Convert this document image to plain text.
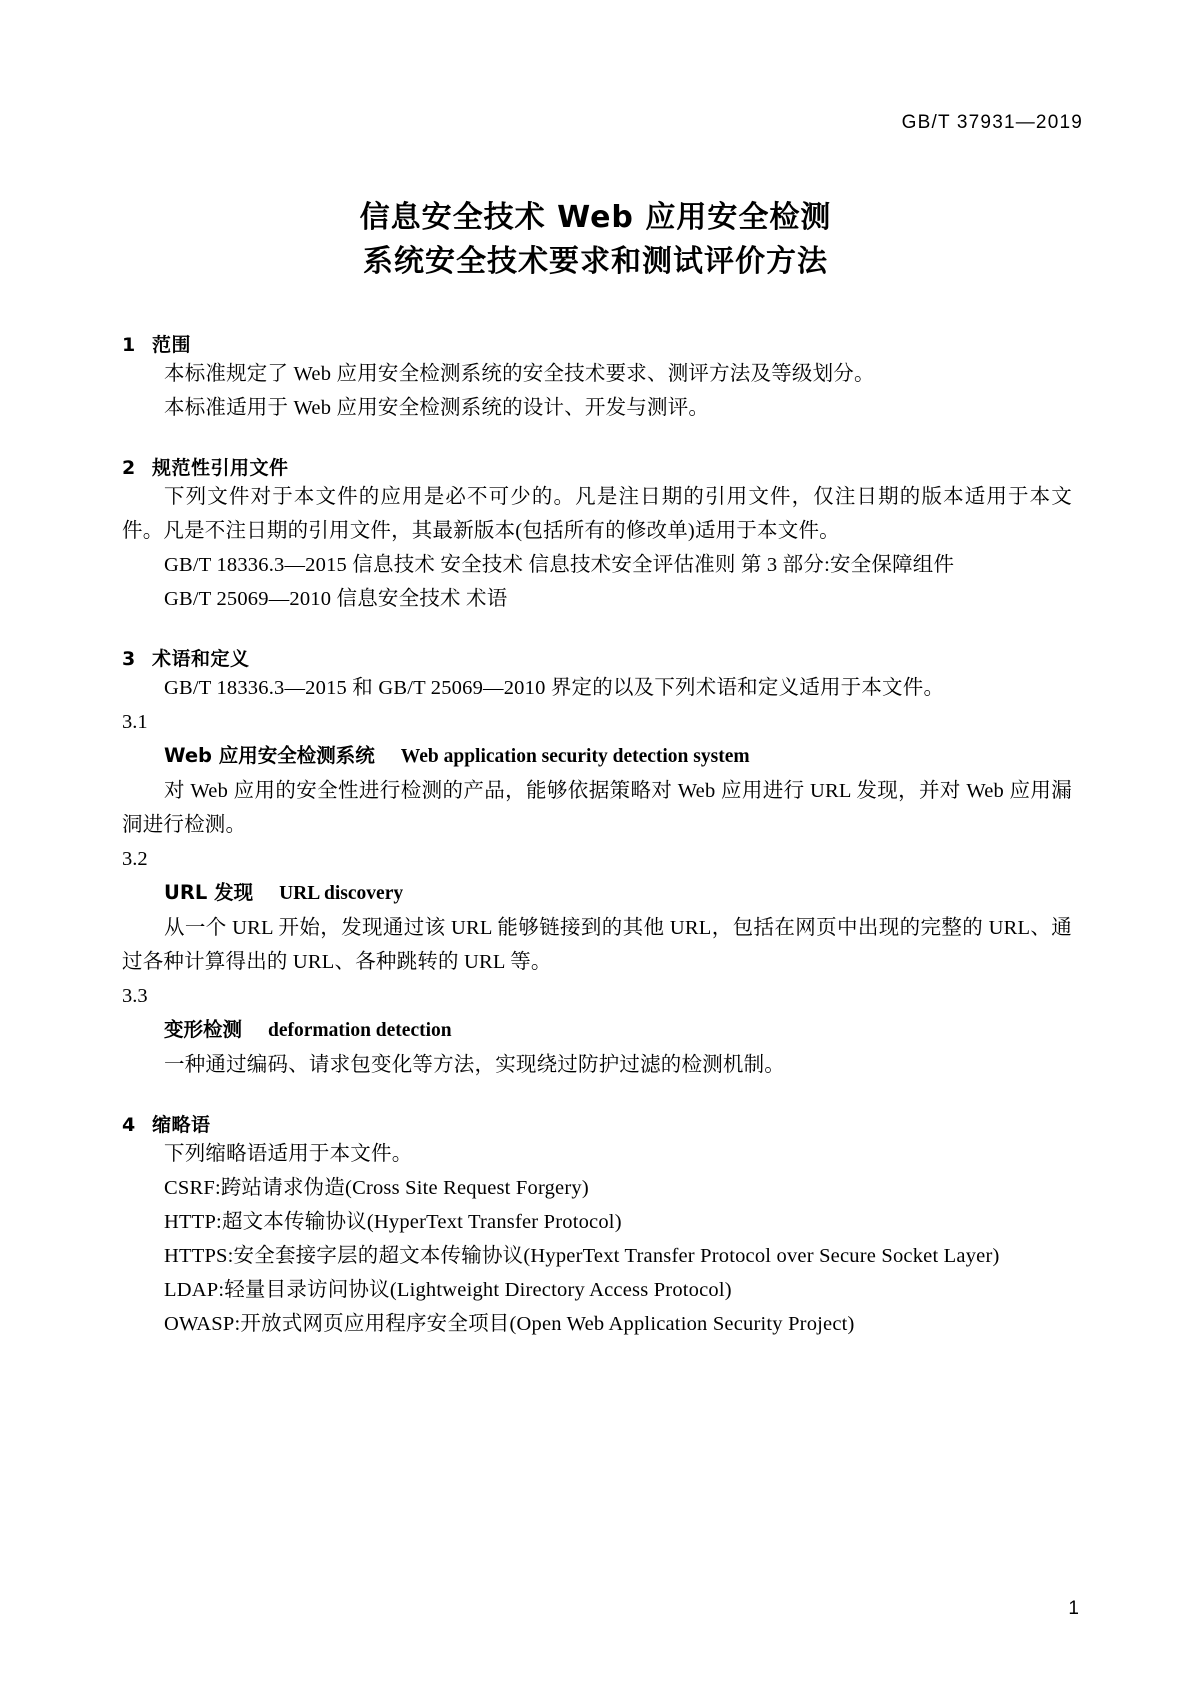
GB/T 37931—2019
信息安全技术 Web 应用安全检测
系统安全技术要求和测试评价方法
1 范围

本标准规定了 Web 应用安全检测系统的安全技术要求、测评方法及等级划分。

本标准适用于 Web 应用安全检测系统的设计、开发与测评。

2 规范性引用文件

下列文件对于本文件的应用是必不可少的。凡是注日期的引用文件，仅注日期的版本适用于本文件。凡是不注日期的引用文件，其最新版本(包括所有的修改单)适用于本文件。

GB/T 18336.3—2015 信息技术 安全技术 信息技术安全评估准则 第 3 部分:安全保障组件

GB/T 25069—2010 信息安全技术 术语

3 术语和定义

GB/T 18336.3—2015 和 GB/T 25069—2010 界定的以及下列术语和定义适用于本文件。

3.1

Web 应用安全检测系统 Web application security detection system

对 Web 应用的安全性进行检测的产品，能够依据策略对 Web 应用进行 URL 发现，并对 Web 应用漏洞进行检测。

3.2

URL 发现 URL discovery

从一个 URL 开始，发现通过该 URL 能够链接到的其他 URL，包括在网页中出现的完整的 URL、通过各种计算得出的 URL、各种跳转的 URL 等。

3.3

变形检测 deformation detection

一种通过编码、请求包变化等方法，实现绕过防护过滤的检测机制。

4 缩略语

下列缩略语适用于本文件。

CSRF:跨站请求伪造(Cross Site Request Forgery)

HTTP:超文本传输协议(HyperText Transfer Protocol)

HTTPS:安全套接字层的超文本传输协议(HyperText Transfer Protocol over Secure Socket Layer)

LDAP:轻量目录访问协议(Lightweight Directory Access Protocol)

OWASP:开放式网页应用程序安全项目(Open Web Application Security Project)

1
